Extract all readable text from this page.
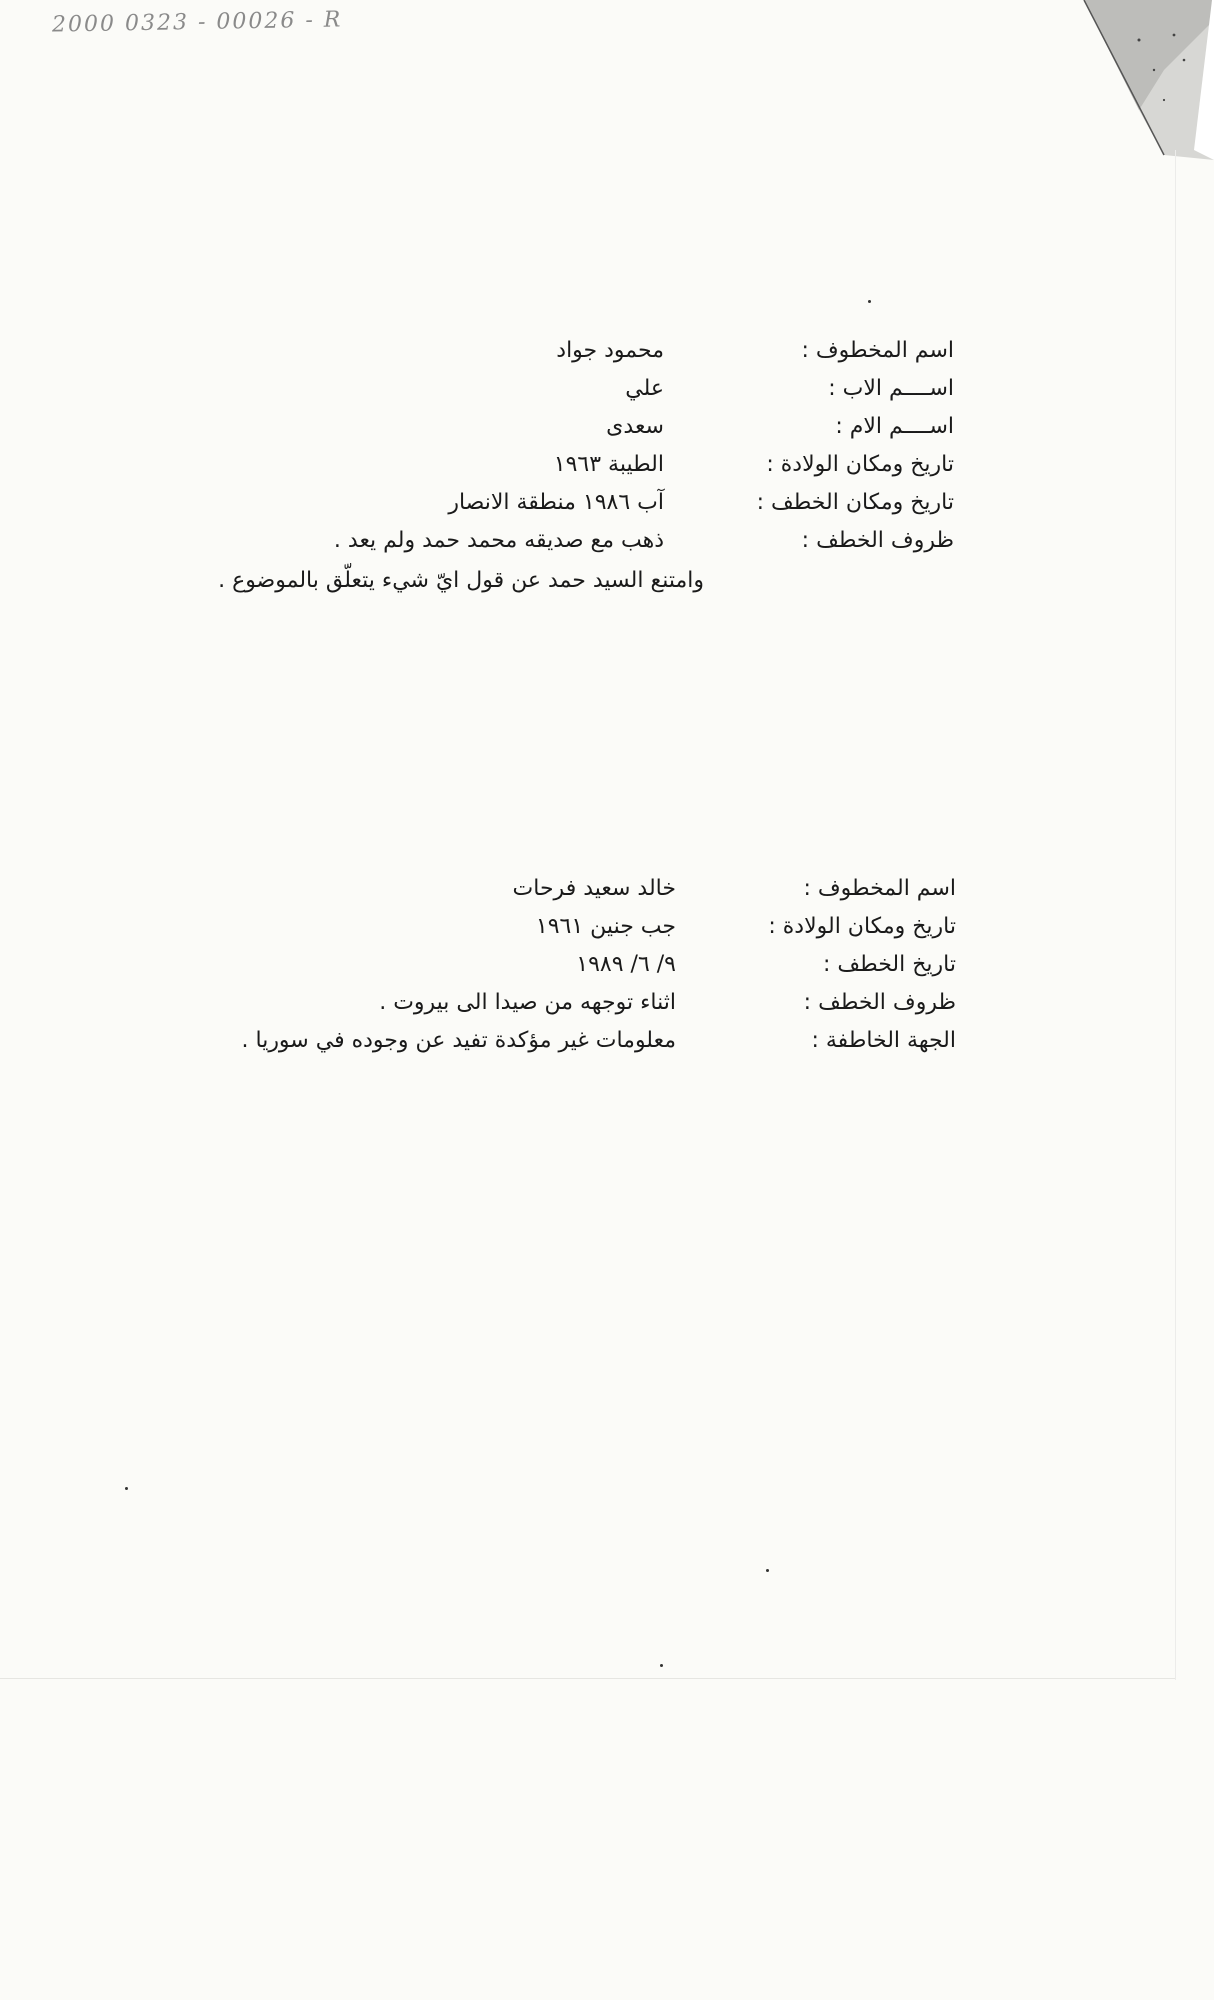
2000 0323 - 00026 - R
اسم المخطوف :
محمود جواد
اســــم الاب :
علي
اســــم الام :
سعدى
تاريخ ومكان الولادة :
الطيبة ١٩٦٣
تاريخ ومكان الخطف :
آب ١٩٨٦ منطقة الانصار
ظروف الخطف :
ذهب مع صديقه محمد حمد ولم يعد .
وامتنع السيد حمد عن قول ايّ شيء يتعلّق بالموضوع .
اسم المخطوف :
خالد سعيد فرحات
تاريخ ومكان الولادة :
جب جنين ١٩٦١
تاريخ الخطف :
٩/ ٦/ ١٩٨٩
ظروف الخطف :
اثناء توجهه من صيدا الى بيروت .
الجهة الخاطفة :
معلومات غير مؤكدة تفيد عن وجوده في سوريا .
